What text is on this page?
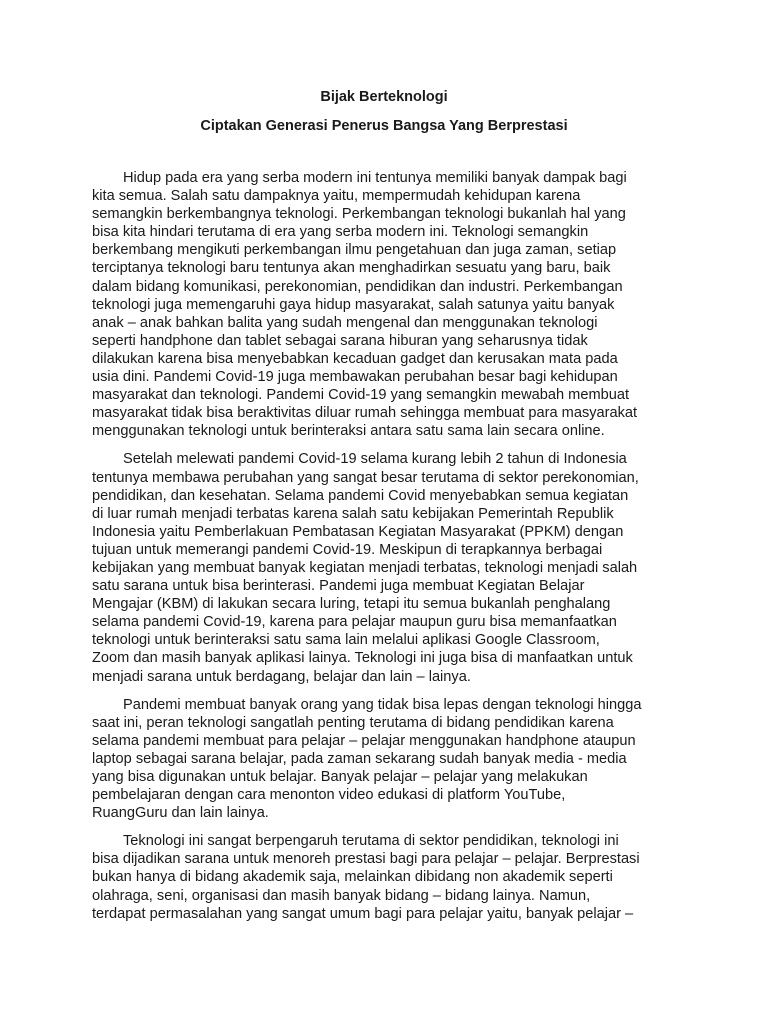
Bijak Berteknologi
Ciptakan Generasi Penerus Bangsa Yang Berprestasi

Hidup pada era yang serba modern ini tentunya memiliki banyak dampak bagi
kita semua. Salah satu dampaknya yaitu, mempermudah kehidupan karena
semangkin berkembangnya teknologi. Perkembangan teknologi bukanlah hal yang
bisa kita hindari terutama di era yang serba modern ini. Teknologi semangkin
berkembang mengikuti perkembangan ilmu pengetahuan dan juga zaman, setiap
terciptanya teknologi baru tentunya akan menghadirkan sesuatu yang baru, baik
dalam bidang komunikasi, perekonomian, pendidikan dan industri. Perkembangan
teknologi juga memengaruhi gaya hidup masyarakat, salah satunya yaitu banyak
anak – anak bahkan balita yang sudah mengenal dan menggunakan teknologi
seperti handphone dan tablet sebagai sarana hiburan yang seharusnya tidak
dilakukan karena bisa menyebabkan kecaduan gadget dan kerusakan mata pada
usia dini. Pandemi Covid-19 juga membawakan perubahan besar bagi kehidupan
masyarakat dan teknologi. Pandemi Covid-19 yang semangkin mewabah membuat
masyarakat tidak bisa beraktivitas diluar rumah sehingga membuat para masyarakat
menggunakan teknologi untuk berinteraksi antara satu sama lain secara online.

Setelah melewati pandemi Covid-19 selama kurang lebih 2 tahun di Indonesia
tentunya membawa perubahan yang sangat besar terutama di sektor perekonomian,
pendidikan, dan kesehatan. Selama pandemi Covid menyebabkan semua kegiatan
di luar rumah menjadi terbatas karena salah satu kebijakan Pemerintah Republik
Indonesia yaitu Pemberlakuan Pembatasan Kegiatan Masyarakat (PPKM) dengan
tujuan untuk memerangi pandemi Covid-19. Meskipun di terapkannya berbagai
kebijakan yang membuat banyak kegiatan menjadi terbatas, teknologi menjadi salah
satu sarana untuk bisa berinterasi. Pandemi juga membuat Kegiatan Belajar
Mengajar (KBM) di lakukan secara luring, tetapi itu semua bukanlah penghalang
selama pandemi Covid-19, karena para pelajar maupun guru bisa memanfaatkan
teknologi untuk berinteraksi satu sama lain melalui aplikasi Google Classroom,
Zoom dan masih banyak aplikasi lainya. Teknologi ini juga bisa di manfaatkan untuk
menjadi sarana untuk berdagang, belajar dan lain – lainya.

Pandemi membuat banyak orang yang tidak bisa lepas dengan teknologi hingga
saat ini, peran teknologi sangatlah penting terutama di bidang pendidikan karena
selama pandemi membuat para pelajar – pelajar menggunakan handphone ataupun
laptop sebagai sarana belajar, pada zaman sekarang sudah banyak media - media
yang bisa digunakan untuk belajar. Banyak pelajar – pelajar yang melakukan
pembelajaran dengan cara menonton video edukasi di platform YouTube,
RuangGuru dan lain lainya.

Teknologi ini sangat berpengaruh terutama di sektor pendidikan, teknologi ini
bisa dijadikan sarana untuk menoreh prestasi bagi para pelajar – pelajar. Berprestasi
bukan hanya di bidang akademik saja, melainkan dibidang non akademik seperti
olahraga, seni, organisasi dan masih banyak bidang – bidang lainya. Namun,
terdapat permasalahan yang sangat umum bagi para pelajar yaitu, banyak pelajar –
